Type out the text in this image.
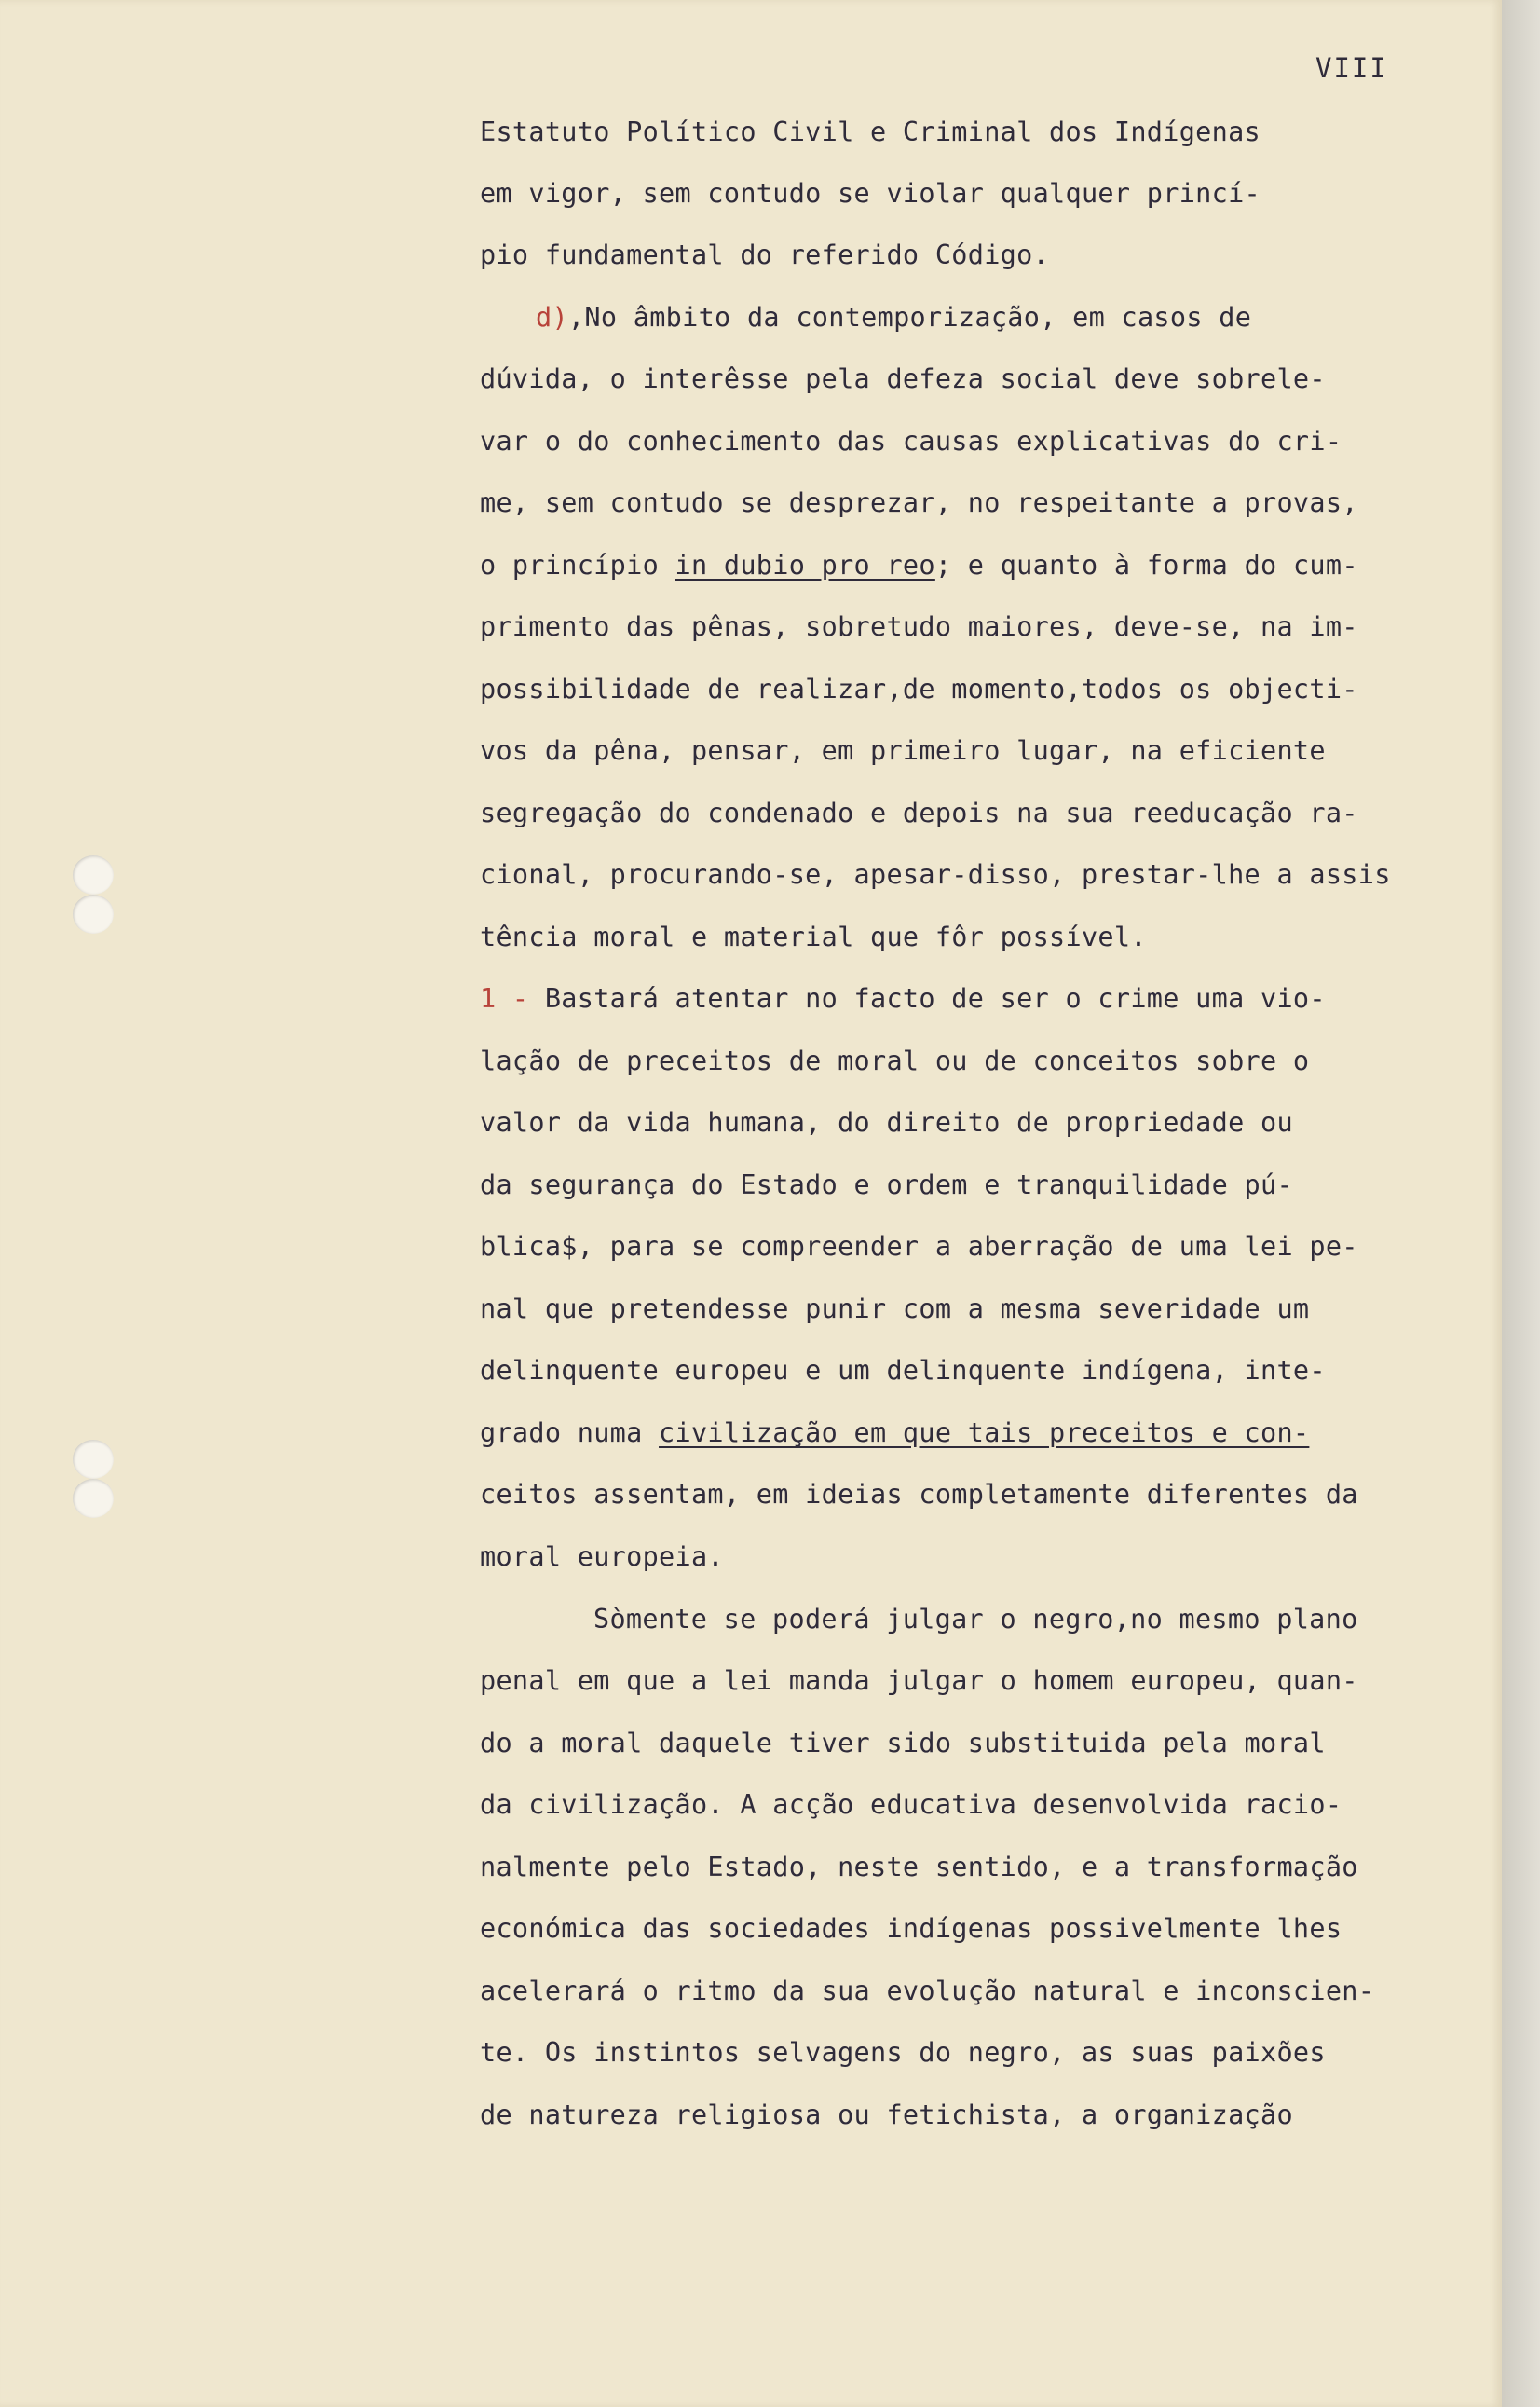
VIII
Estatuto Político Civil e Criminal dos Indígenas
em vigor, sem contudo se violar qualquer princí-
pio fundamental do referido Código.
d),No âmbito da contemporização, em casos de
dúvida, o interêsse pela defeza social deve sobrele-
var o do conhecimento das causas explicativas do cri-
me, sem contudo se desprezar, no respeitante a provas,
o princípio in dubio pro reo; e quanto à forma do cum-
primento das pênas, sobretudo maiores, deve-se, na im-
possibilidade de realizar,de momento,todos os objecti-
vos da pêna, pensar, em primeiro lugar, na eficiente
segregação do condenado e depois na sua reeducação ra-
cional, procurando-se, apesar-disso, prestar-lhe a assis
tência moral e material que fôr possível.
1 - Bastará atentar no facto de ser o crime uma vio-
lação de preceitos de moral ou de conceitos sobre o
valor da vida humana, do direito de propriedade ou
da segurança do Estado e ordem e tranquilidade pú-
blica$, para se compreender a aberração de uma lei pe-
nal que pretendesse punir com a mesma severidade um
delinquente europeu e um delinquente indígena, inte-
grado numa civilização em que tais preceitos e con-
ceitos assentam, em ideias completamente diferentes da
moral europeia.
Sòmente se poderá julgar o negro,no mesmo plano
penal em que a lei manda julgar o homem europeu, quan-
do a moral daquele tiver sido substituida pela moral
da civilização. A acção educativa desenvolvida racio-
nalmente pelo Estado, neste sentido, e a transformação
económica das sociedades indígenas possivelmente lhes
acelerará o ritmo da sua evolução natural e inconscien-
te. Os instintos selvagens do negro, as suas paixões
de natureza religiosa ou fetichista, a organização
